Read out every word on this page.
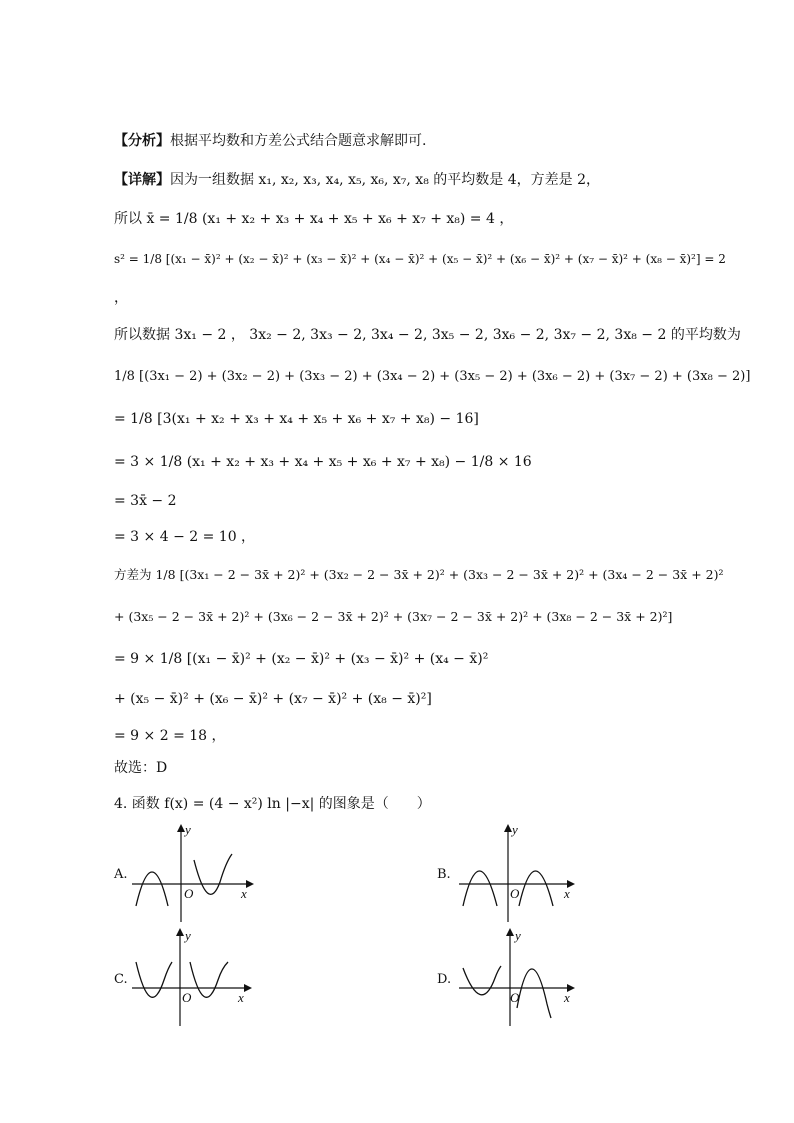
【分析】根据平均数和方差公式结合题意求解即可.
【详解】因为一组数据 x₁, x₂, x₃, x₄, x₅, x₆, x₇, x₈ 的平均数是 4，方差是 2，
所以 x̄ = 1/8 (x₁ + x₂ + x₃ + x₄ + x₅ + x₆ + x₇ + x₈) = 4 ，
s² = 1/8 [(x₁ − x̄)² + (x₂ − x̄)² + (x₃ − x̄)² + (x₄ − x̄)² + (x₅ − x̄)² + (x₆ − x̄)² + (x₇ − x̄)² + (x₈ − x̄)²] = 2
，
所以数据 3x₁ − 2 ， 3x₂ − 2, 3x₃ − 2, 3x₄ − 2, 3x₅ − 2, 3x₆ − 2, 3x₇ − 2, 3x₈ − 2 的平均数为
1/8 [(3x₁ − 2) + (3x₂ − 2) + (3x₃ − 2) + (3x₄ − 2) + (3x₅ − 2) + (3x₆ − 2) + (3x₇ − 2) + (3x₈ − 2)]
= 1/8 [3(x₁ + x₂ + x₃ + x₄ + x₅ + x₆ + x₇ + x₈) − 16]
= 3 × 1/8 (x₁ + x₂ + x₃ + x₄ + x₅ + x₆ + x₇ + x₈) − 1/8 × 16
= 3x̄ − 2
= 3 × 4 − 2 = 10 ，
方差为 1/8 [(3x₁ − 2 − 3x̄ + 2)² + (3x₂ − 2 − 3x̄ + 2)² + (3x₃ − 2 − 3x̄ + 2)² + (3x₄ − 2 − 3x̄ + 2)²
+ (3x₅ − 2 − 3x̄ + 2)² + (3x₆ − 2 − 3x̄ + 2)² + (3x₇ − 2 − 3x̄ + 2)² + (3x₈ − 2 − 3x̄ + 2)²]
= 9 × 1/8 [(x₁ − x̄)² + (x₂ − x̄)² + (x₃ − x̄)² + (x₄ − x̄)²
+ (x₅ − x̄)² + (x₆ − x̄)² + (x₇ − x̄)² + (x₈ − x̄)²]
= 9 × 2 = 18 ，
故选：D
4. 函数 f(x) = (4 − x²) ln |−x| 的图象是（　　）
A.
y
x
O
B.
y
x
O
C.
y
x
O
D.
y
x
O
